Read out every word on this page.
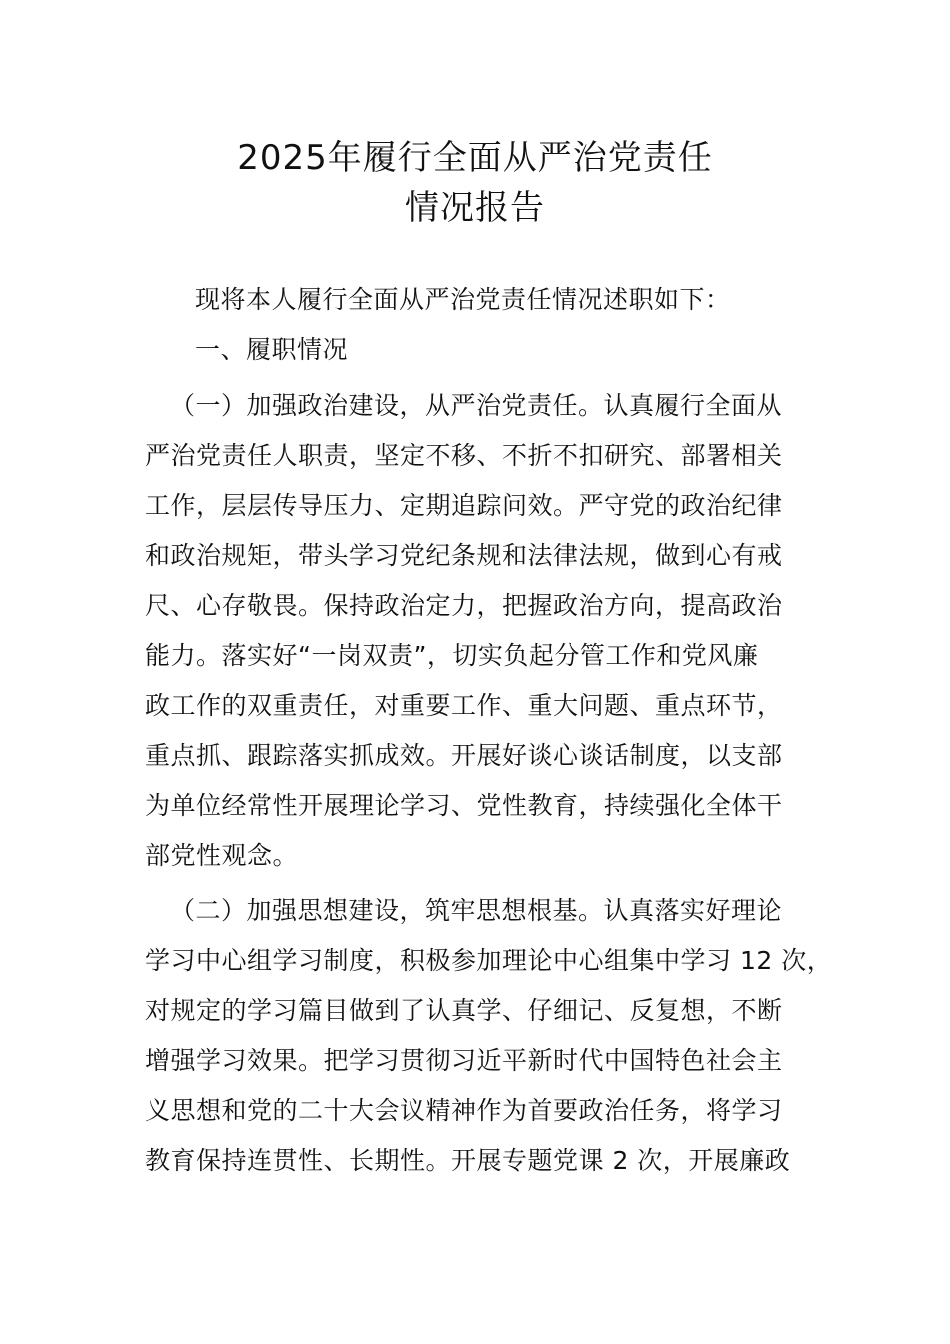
2025年履行全面从严治党责任
情况报告
现将本人履行全面从严治党责任情况述职如下：
一、履职情况
（一）加强政治建设，从严治党责任。认真履行全面从
严治党责任人职责，坚定不移、不折不扣研究、部署相关
工作，层层传导压力、定期追踪问效。严守党的政治纪律
和政治规矩，带头学习党纪条规和法律法规，做到心有戒
尺、心存敬畏。保持政治定力，把握政治方向，提高政治
能力。落实好“一岗双责”，切实负起分管工作和党风廉
政工作的双重责任，对重要工作、重大问题、重点环节，
重点抓、跟踪落实抓成效。开展好谈心谈话制度，以支部
为单位经常性开展理论学习、党性教育，持续强化全体干
部党性观念。
（二）加强思想建设，筑牢思想根基。认真落实好理论
学习中心组学习制度，积极参加理论中心组集中学习 12 次，
对规定的学习篇目做到了认真学、仔细记、反复想，不断
增强学习效果。把学习贯彻习近平新时代中国特色社会主
义思想和党的二十大会议精神作为首要政治任务，将学习
教育保持连贯性、长期性。开展专题党课 2 次，开展廉政
